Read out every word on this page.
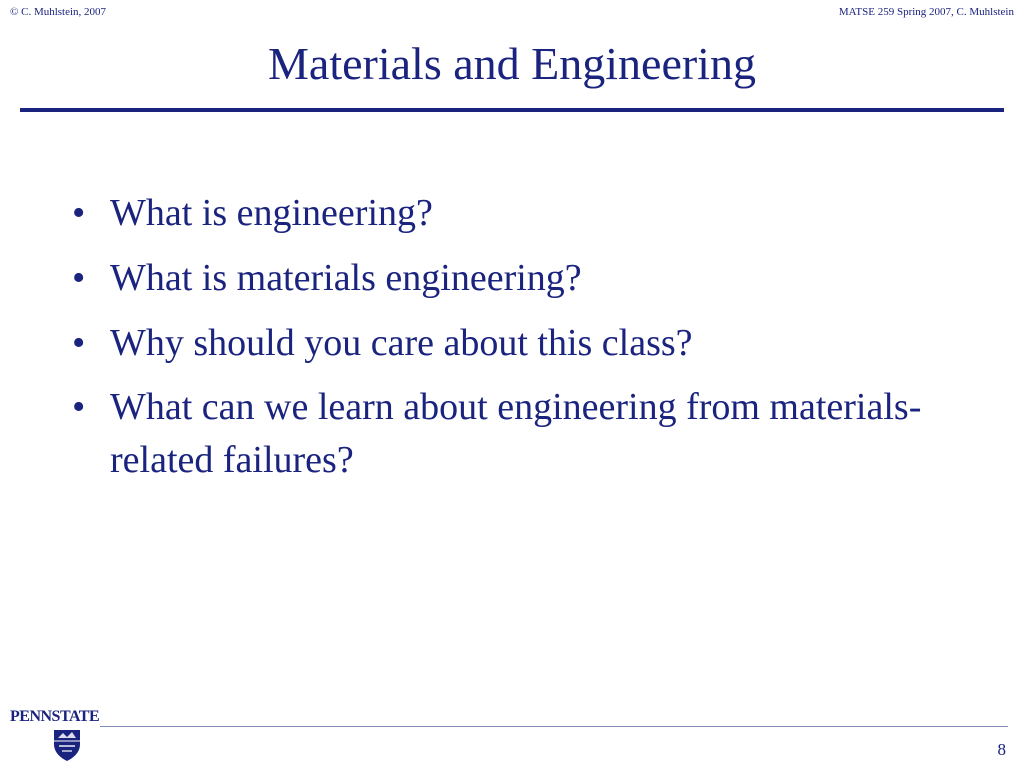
© C. Muhlstein, 2007	MATSE 259 Spring 2007, C. Muhlstein
Materials and Engineering
• What is engineering?
• What is materials engineering?
• Why should you care about this class?
• What can we learn about engineering from materials-related failures?
PENNSTATE
8
